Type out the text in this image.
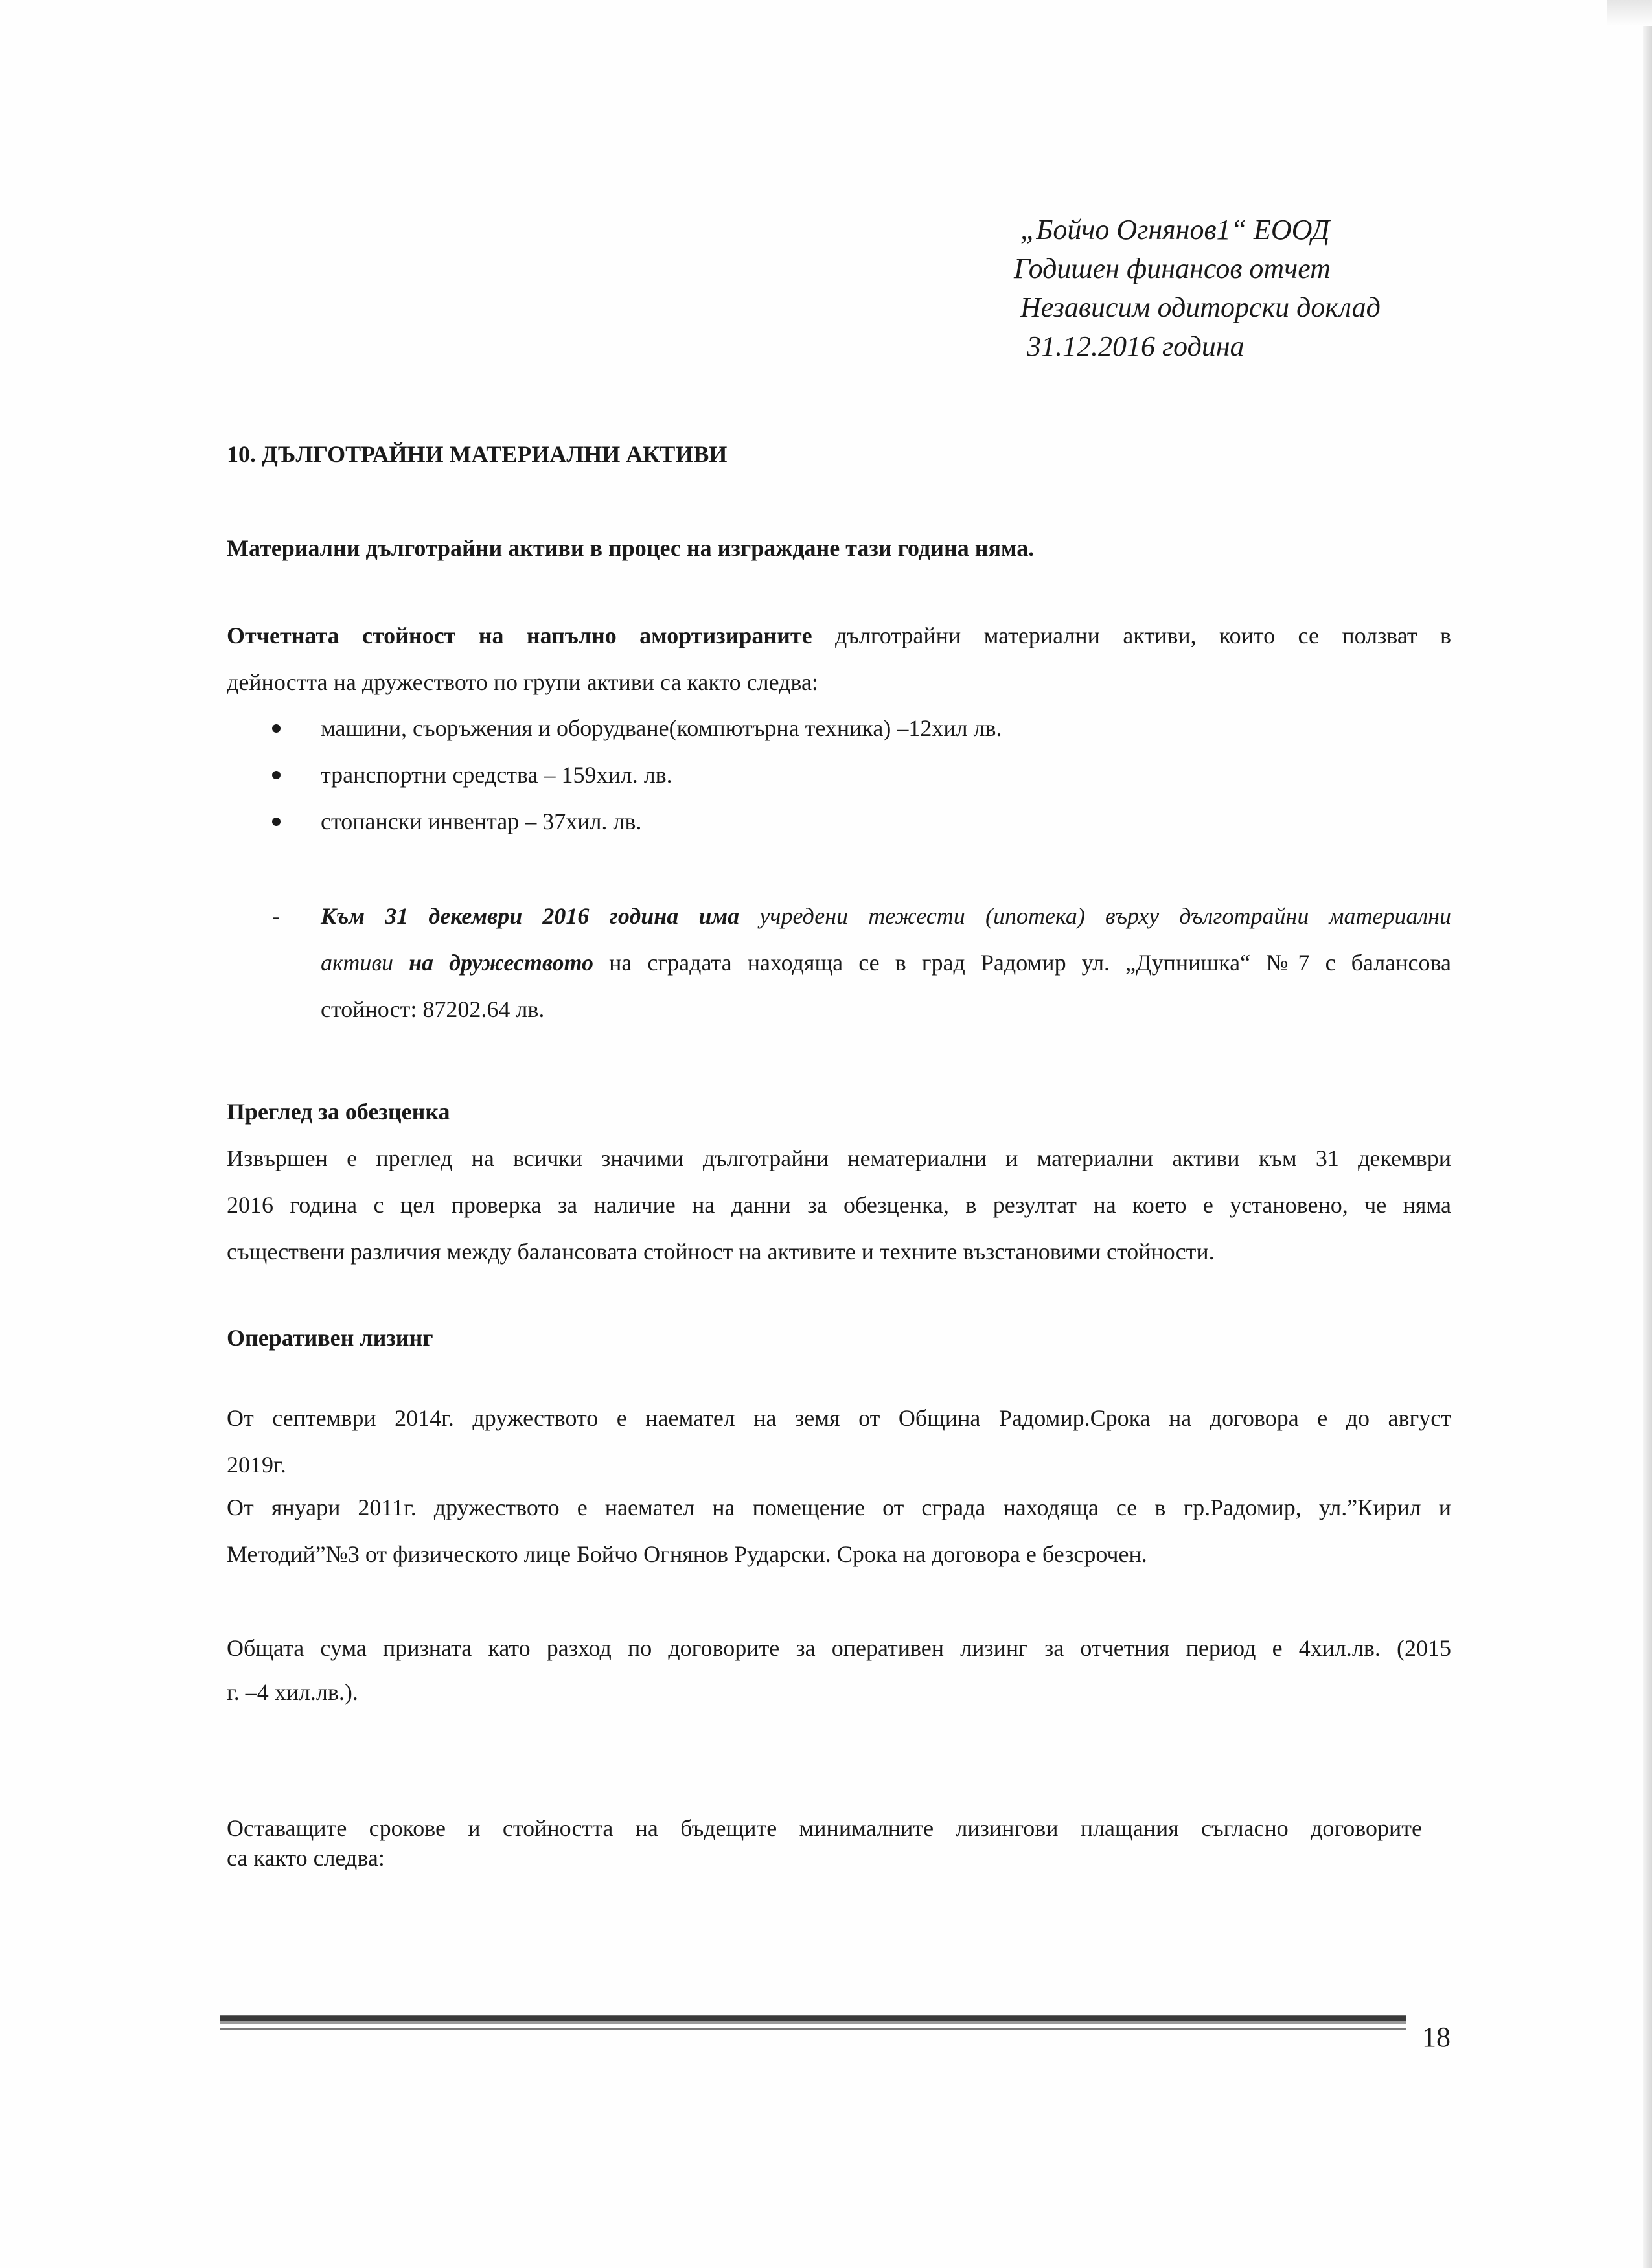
„Бойчо Огнянов1“ ЕООД
Годишен финансов отчет
Независим одиторски доклад
31.12.2016 година
10. ДЪЛГОТРАЙНИ МАТЕРИАЛНИ АКТИВИ
Материални дълготрайни активи в процес на изграждане тази година няма.
Отчетната стойност на напълно амортизираните дълготрайни материални активи, които се ползват в
дейността на дружеството по групи активи са както следва:
машини, съоръжения и оборудване(компютърна техника) –12хил лв.
транспортни средства – 159хил. лв.
стопански инвентар – 37хил. лв.
- Към 31 декември 2016 година има учредени тежести (ипотека) върху дълготрайни материални
активи на дружеството на сградата находяща се в град Радомир ул. „Дупнишка“ №7 с балансова
стойност: 87202.64 лв.
Преглед за обезценка
Извършен е преглед на всички значими дълготрайни нематериални и материални активи към 31 декември
2016 година с цел проверка за наличие на данни за обезценка, в резултат на което е установено, че няма
съществени различия между балансовата стойност на активите и техните възстановими стойности.
Оперативен лизинг
От септември 2014г. дружеството е наемател на земя от Община Радомир.Срока на договора е до август
2019г.
От януари 2011г. дружеството е наемател на помещение от сграда находяща се в гр.Радомир, ул.”Кирил и
Методий”№3 от физическото лице Бойчо Огнянов Рударски. Срока на договора е безсрочен.
Общата сума призната като разход по договорите за оперативен лизинг за отчетния период е 4хил.лв. (2015
г. –4 хил.лв.).
Оставащите срокове и стойността на бъдещите минималните лизингови плащания съгласно договорите
са както следва:
18
